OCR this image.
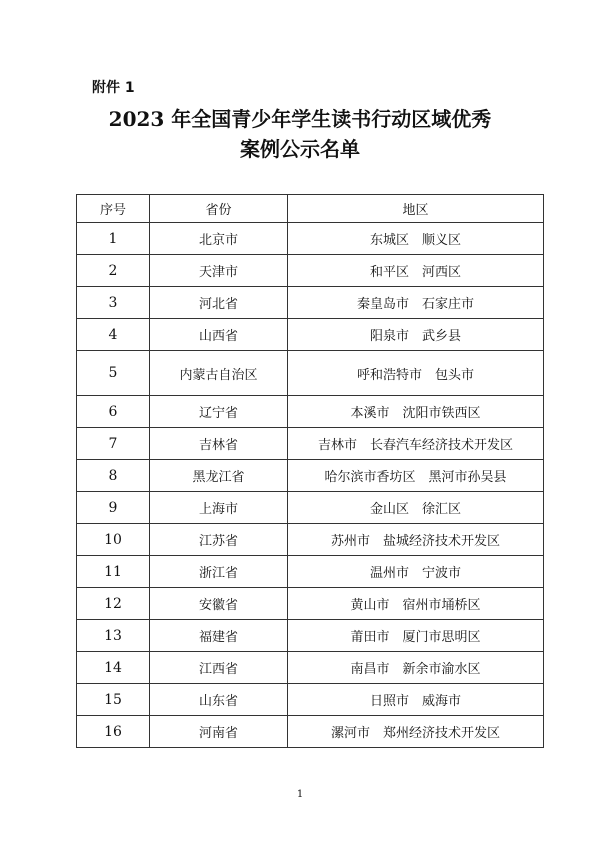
附件 1
2023 年全国青少年学生读书行动区域优秀
案例公示名单
序号	省份	地区
1	北京市	东城区　顺义区
2	天津市	和平区　河西区
3	河北省	秦皇岛市　石家庄市
4	山西省	阳泉市　武乡县
5	内蒙古自治区	呼和浩特市　包头市
6	辽宁省	本溪市　沈阳市铁西区
7	吉林省	吉林市　长春汽车经济技术开发区
8	黑龙江省	哈尔滨市香坊区　黑河市孙吴县
9	上海市	金山区　徐汇区
10	江苏省	苏州市　盐城经济技术开发区
11	浙江省	温州市　宁波市
12	安徽省	黄山市　宿州市埇桥区
13	福建省	莆田市　厦门市思明区
14	江西省	南昌市　新余市渝水区
15	山东省	日照市　威海市
16	河南省	漯河市　郑州经济技术开发区
1
